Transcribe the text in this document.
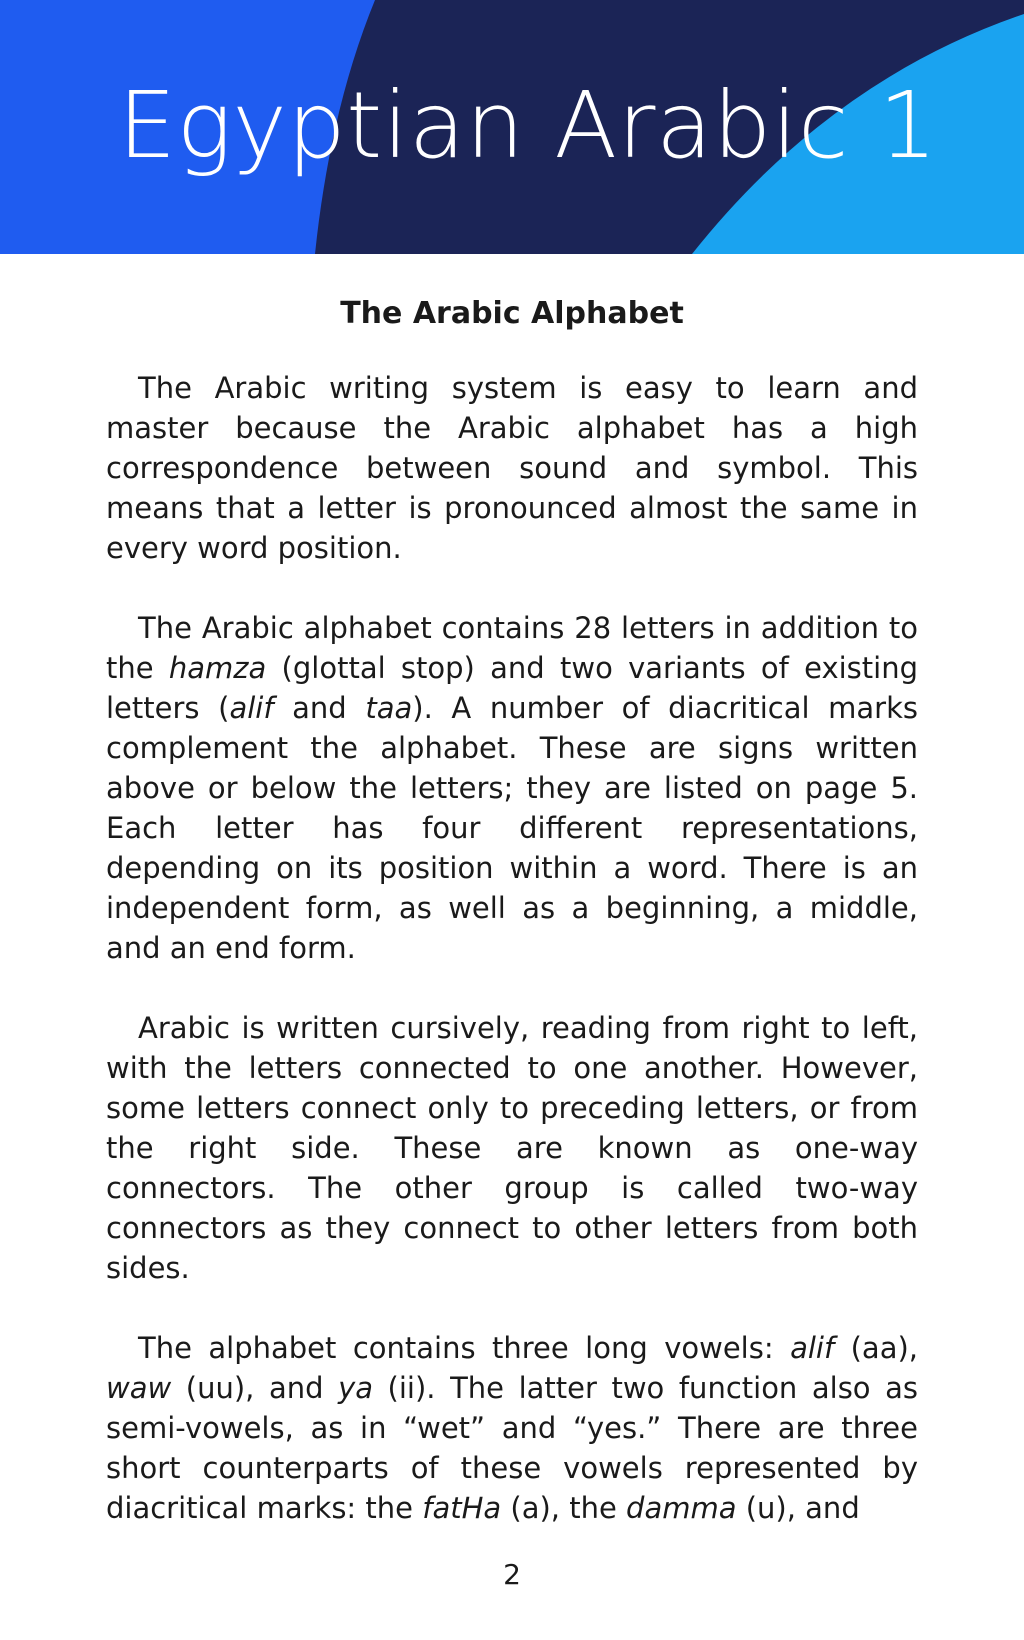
Egyptian Arabic 1
The Arabic Alphabet

The Arabic writing system is easy to learn and master because the Arabic alphabet has a high correspondence between sound and symbol. This means that a letter is pronounced almost the same in every word position.

The Arabic alphabet contains 28 letters in addition to the hamza (glottal stop) and two variants of existing letters (alif and taa). A number of diacritical marks complement the alphabet. These are signs written above or below the letters; they are listed on page 5. Each letter has four different representations, depending on its position within a word. There is an independent form, as well as a beginning, a middle, and an end form.

Arabic is written cursively, reading from right to left, with the letters connected to one another. However, some letters connect only to preceding letters, or from the right side. These are known as one-way connectors. The other group is called two-way connectors as they connect to other letters from both sides.

The alphabet contains three long vowels: alif (aa), waw (uu), and ya (ii). The latter two function also as semi-vowels, as in “wet” and “yes.” There are three short counterparts of these vowels represented by diacritical marks: the fatHa (a), the damma (u), and

2
